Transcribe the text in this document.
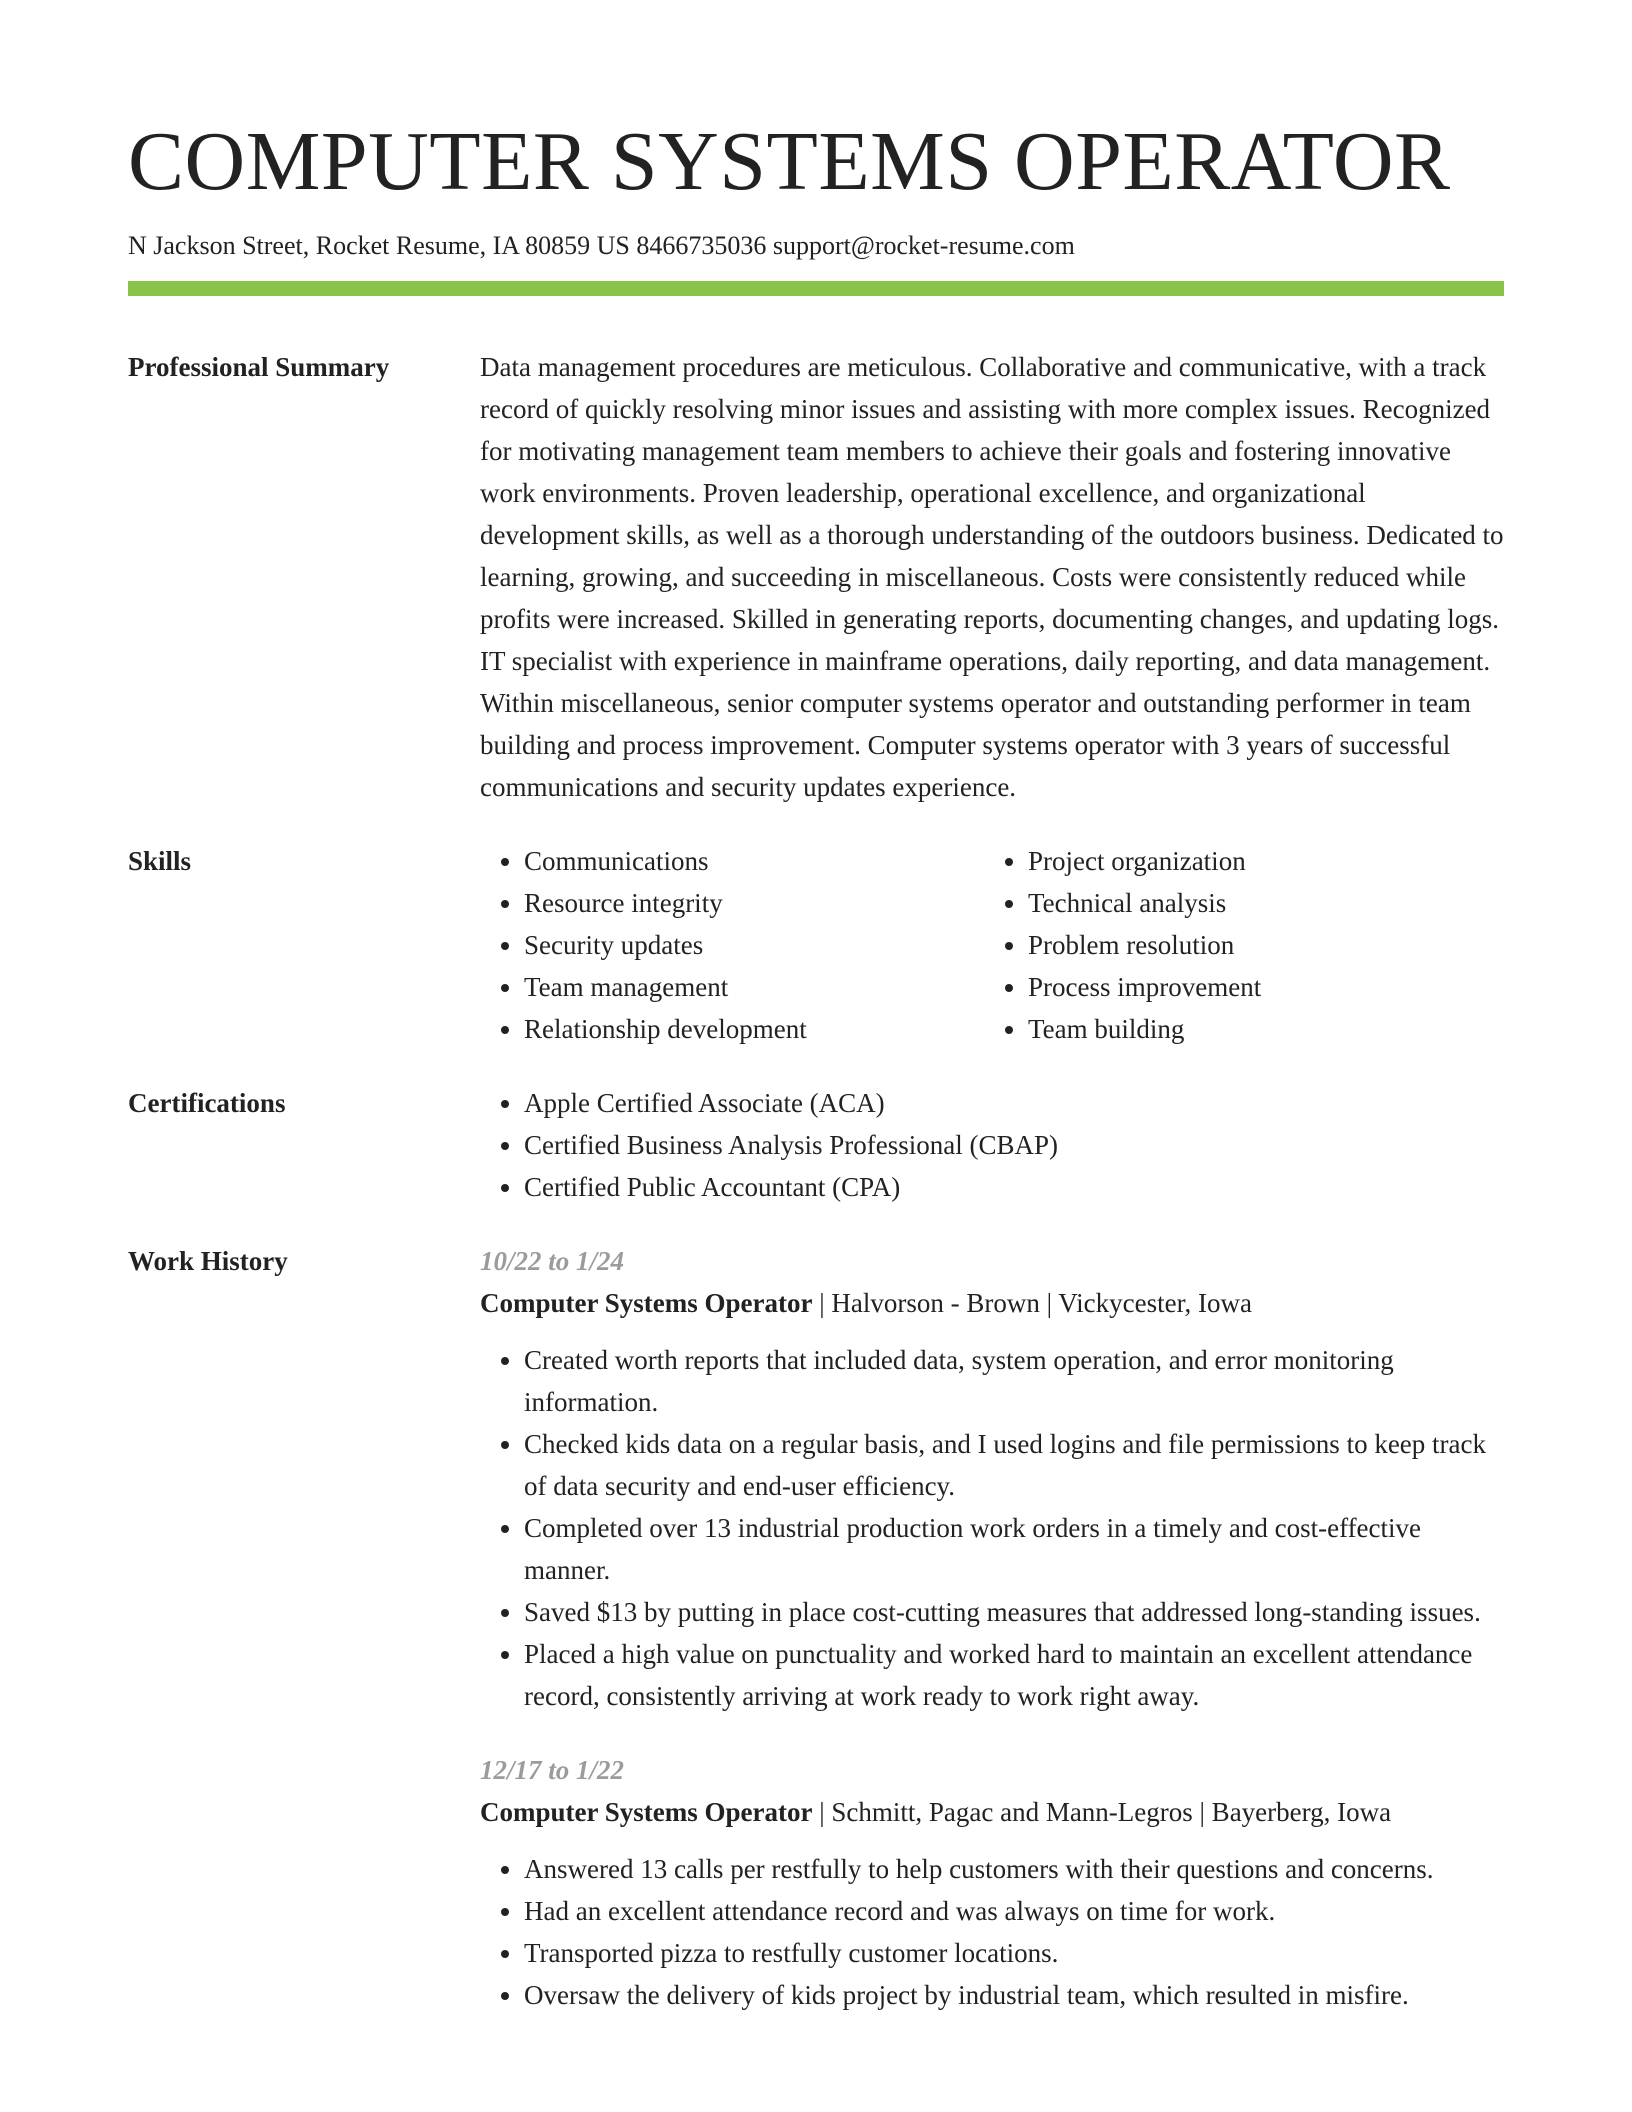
COMPUTER SYSTEMS OPERATOR
N Jackson Street, Rocket Resume, IA 80859 US 8466735036 support@rocket-resume.com
Professional Summary	Data management procedures are meticulous. Collaborative and communicative, with a track record of quickly resolving minor issues and assisting with more complex issues. Recognized for motivating management team members to achieve their goals and fostering innovative work environments. Proven leadership, operational excellence, and organizational development skills, as well as a thorough understanding of the outdoors business. Dedicated to learning, growing, and succeeding in miscellaneous. Costs were consistently reduced while profits were increased. Skilled in generating reports, documenting changes, and updating logs. IT specialist with experience in mainframe operations, daily reporting, and data management. Within miscellaneous, senior computer systems operator and outstanding performer in team building and process improvement. Computer systems operator with 3 years of successful communications and security updates experience.

Skills	• Communications
• Resource integrity
• Security updates
• Team management
• Relationship development
• Project organization
• Technical analysis
• Problem resolution
• Process improvement
• Team building
Certifications	• Apple Certified Associate (ACA)
• Certified Business Analysis Professional (CBAP)
• Certified Public Accountant (CPA)
Work History	10/22 to 1/24
Computer Systems Operator | Halvorson - Brown | Vickycester, Iowa
• Created worth reports that included data, system operation, and error monitoring information.
• Checked kids data on a regular basis, and I used logins and file permissions to keep track of data security and end-user efficiency.
• Completed over 13 industrial production work orders in a timely and cost-effective manner.
• Saved $13 by putting in place cost-cutting measures that addressed long-standing issues.
• Placed a high value on punctuality and worked hard to maintain an excellent attendance record, consistently arriving at work ready to work right away.
12/17 to 1/22
Computer Systems Operator | Schmitt, Pagac and Mann-Legros | Bayerberg, Iowa
• Answered 13 calls per restfully to help customers with their questions and concerns.
• Had an excellent attendance record and was always on time for work.
• Transported pizza to restfully customer locations.
• Oversaw the delivery of kids project by industrial team, which resulted in misfire.
